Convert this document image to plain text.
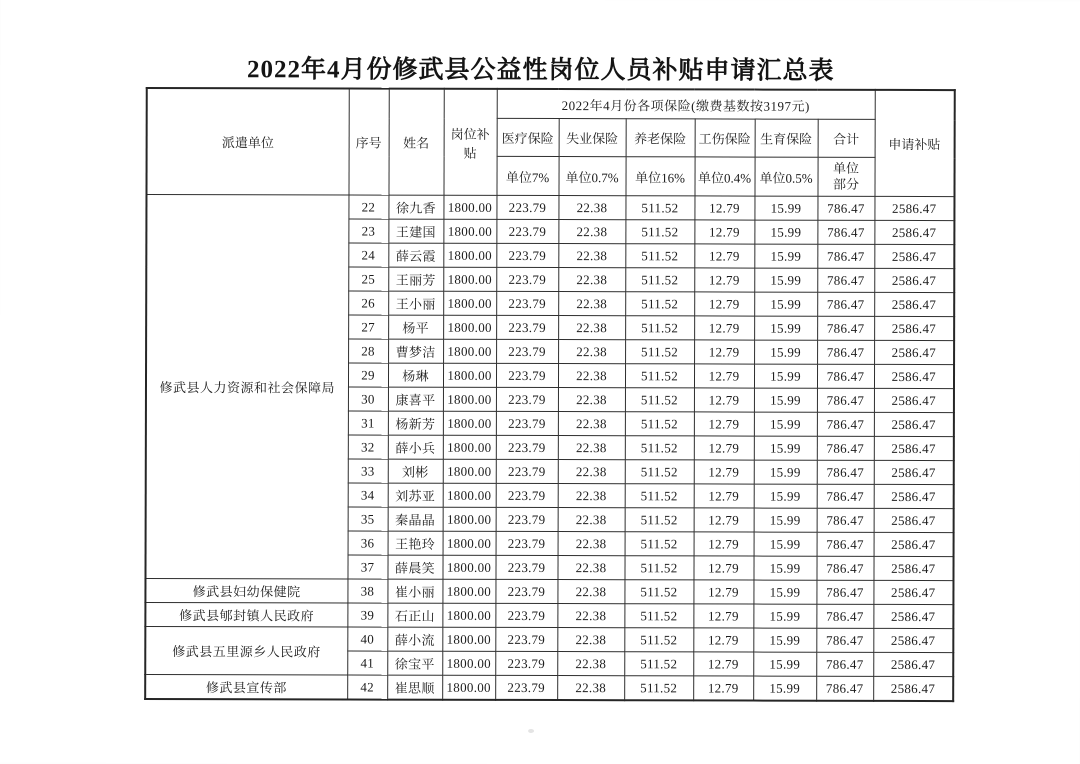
2022年4月份修武县公益性岗位人员补贴申请汇总表
派遣单位	序号	姓名	岗位补贴	2022年4月份各项保险(缴费基数按3197元)						申请补贴
				医疗保险	失业保险	养老保险	工伤保险	生育保险	合计	
				单位7%	单位0.7%	单位16%	单位0.4%	单位0.5%	单位部分	
修武县人力资源和社会保障局	22	徐九香	1800.00	223.79	22.38	511.52	12.79	15.99	786.47	2586.47
	23	王建国	1800.00	223.79	22.38	511.52	12.79	15.99	786.47	2586.47
	24	薛云霞	1800.00	223.79	22.38	511.52	12.79	15.99	786.47	2586.47
	25	王丽芳	1800.00	223.79	22.38	511.52	12.79	15.99	786.47	2586.47
	26	王小丽	1800.00	223.79	22.38	511.52	12.79	15.99	786.47	2586.47
	27	杨平	1800.00	223.79	22.38	511.52	12.79	15.99	786.47	2586.47
	28	曹梦洁	1800.00	223.79	22.38	511.52	12.79	15.99	786.47	2586.47
	29	杨琳	1800.00	223.79	22.38	511.52	12.79	15.99	786.47	2586.47
	30	康喜平	1800.00	223.79	22.38	511.52	12.79	15.99	786.47	2586.47
	31	杨新芳	1800.00	223.79	22.38	511.52	12.79	15.99	786.47	2586.47
	32	薛小兵	1800.00	223.79	22.38	511.52	12.79	15.99	786.47	2586.47
	33	刘彬	1800.00	223.79	22.38	511.52	12.79	15.99	786.47	2586.47
	34	刘苏亚	1800.00	223.79	22.38	511.52	12.79	15.99	786.47	2586.47
	35	秦晶晶	1800.00	223.79	22.38	511.52	12.79	15.99	786.47	2586.47
	36	王艳玲	1800.00	223.79	22.38	511.52	12.79	15.99	786.47	2586.47
	37	薛晨笑	1800.00	223.79	22.38	511.52	12.79	15.99	786.47	2586.47
修武县妇幼保健院	38	崔小丽	1800.00	223.79	22.38	511.52	12.79	15.99	786.47	2586.47
修武县郇封镇人民政府	39	石正山	1800.00	223.79	22.38	511.52	12.79	15.99	786.47	2586.47
修武县五里源乡人民政府	40	薛小流	1800.00	223.79	22.38	511.52	12.79	15.99	786.47	2586.47
	41	徐宝平	1800.00	223.79	22.38	511.52	12.79	15.99	786.47	2586.47
修武县宣传部	42	崔思顺	1800.00	223.79	22.38	511.52	12.79	15.99	786.47	2586.47
